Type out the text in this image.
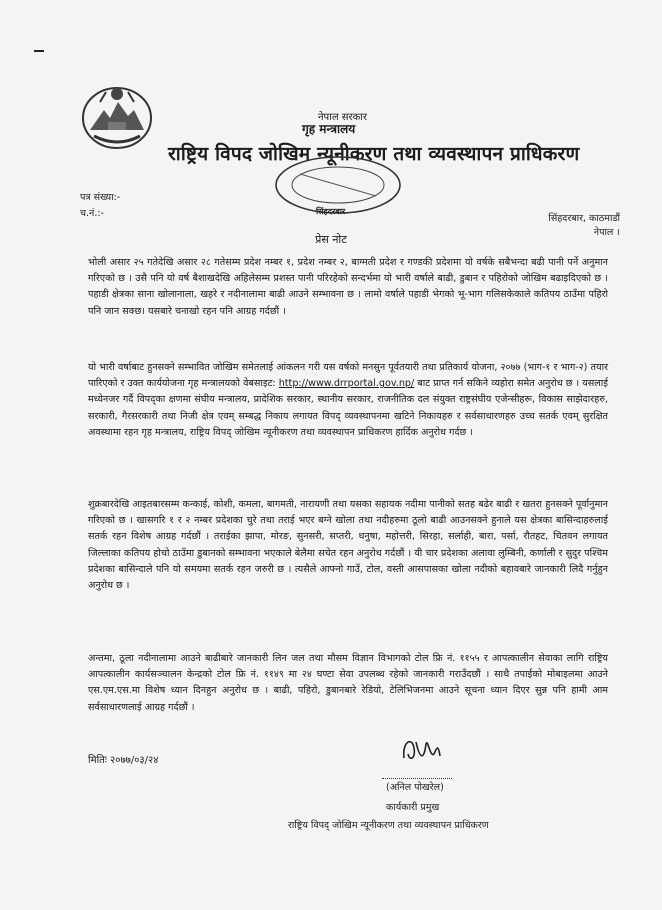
नेपाल सरकार
गृह मन्त्रालय
राष्ट्रिय विपद जोखिम न्यूनीकरण तथा व्यवस्थापन प्राधिकरण
सिंहदरबार
पत्र संख्या:-
च.नं.:-	सिंहदरबार, काठमाडौं
नेपाल ।
प्रेस नोट
भोली असार २५ गतेदेखि असार २८ गतेसम्म प्रदेश नम्बर १, प्रदेश नम्बर २, बाग्मती प्रदेश र गण्डकी प्रदेशमा यो वर्षके सबैभन्दा बढी पानी पर्ने अनुमान गरिएको छ । उसै पनि यो वर्ष बैशाखदेखि अहिलेसम्म प्रशस्त पानी परिरहेको सन्दर्भमा यो भारी वर्षाले बाढी, डुबान र पहिरोको जोखिम बढाइदिएको छ । पहाडी क्षेत्रका साना खोलानाला, खहरे र नदीनालामा बाढी आउने सम्भावना छ । लामो वर्षाले पहाडी भेगको भू-भाग गलिसकेकाले कतिपय ठाउँमा पहिरो पनि जान सक्छ। यसबारे चनाखो रहन पनि आग्रह गर्दछौं ।
यो भारी वर्षाबाट हुनसक्ने सम्भावित जोखिम समेतलाई आंकलन गरी यस वर्षको मनसुन पूर्वतयारी तथा प्रतिकार्य योजना, २०७७ (भाग-१ र भाग-२) तयार पारिएको र उक्त कार्ययोजना गृह मन्त्रालयको वेबसाइट: http://www.drrportal.gov.np/ बाट प्राप्त गर्न सकिने व्यहोरा समेत अनुरोध छ । यसलाई मध्येनजर गर्दै विपद्का क्षणमा संघीय मन्त्रालय, प्रादेशिक सरकार, स्थानीय सरकार, राजनीतिक दल संयुक्त राष्ट्रसंघीय एजेन्सीहरू, विकास साझेदारहरु, सरकारी, गैरसरकारी तथा निजी क्षेत्र एवम् सम्बद्ध निकाय लगायत विपद् व्यवस्थापनमा खटिने निकायहरु र सर्वसाधारणहरु उच्च सतर्क एवम् सुरक्षित अवस्थामा रहन गृह मन्त्रालय, राष्ट्रिय विपद् जोखिम न्यूनीकरण तथा व्यवस्थापन प्राधिकरण हार्दिक अनुरोध गर्दछ ।
शुक्रबारदेखि आइतबारसम्म कन्काई, कोशी, कमला, बागमती, नारायणी तथा यसका सहायक नदीमा पानीको सतह बढेर बाढी र खतरा हुनसक्ने पूर्वानुमान गरिएको छ । खासगरि १ र २ नम्बर प्रदेशका चुरे तथा तराई भएर बग्ने खोला तथा नदीहरुमा ठूलो बाढी आउनसक्ने हुनाले यस क्षेत्रका बासिन्दाहरुलाई सतर्क रहन विशेष आग्रह गर्दछौं । तराईका झापा, मोरङ, सुनसरी, सप्तरी, धनुषा, महोत्तरी, सिरहा, सर्लाही, बारा, पर्सा, रौतहट, चितवन लगायत जिल्लाका कतिपय होचो ठाउँमा डुबानको सम्भावना भएकाले बेलैमा सचेत रहन अनुरोध गर्दछौं । यी चार प्रदेशका अलावा लुम्बिनी, कर्णाली र सुदुर पश्चिम प्रदेशका बासिन्दाले पनि यो समयमा सतर्क रहन जरुरी छ । त्यसैले आफ्नो गाउँ, टोल, वस्ती आसपासका खोला नदीको बहावबारे जानकारी लिदै गर्नुहुन अनुरोध छ ।
अन्तमा, ठूला नदीनालामा आउने बाढीबारे जानकारी लिन जल तथा मौसम विज्ञान विभागको टोल फ्रि नं. ११५५ र आपत्कालीन सेवाका लागि राष्ट्रिय आपत्कालीन कार्यसञ्चालन केन्द्रको टोल फ्रि नं. ११४९ मा २४ घण्टा सेवा उपलब्ध रहेको जानकारी गराउँदछौं । साथै तपाईको मोबाइलमा आउने एस.एम.एस.मा विशेष ध्यान दिनहुन अनुरोध छ । बाढी, पहिरो, डुबानबारे रेडियो, टेलिभिजनमा आउने सूचना ध्यान दिएर सुन्न पनि हामी आम सर्वसाधारणलाई आग्रह गर्दछौं ।
मितिः २०७७/०३/२४
(अनिल पोखरेल)
कार्यकारी प्रमुख
राष्ट्रिय विपद् जोखिम न्यूनीकरण तथा व्यवस्थापन प्राधिकरण
